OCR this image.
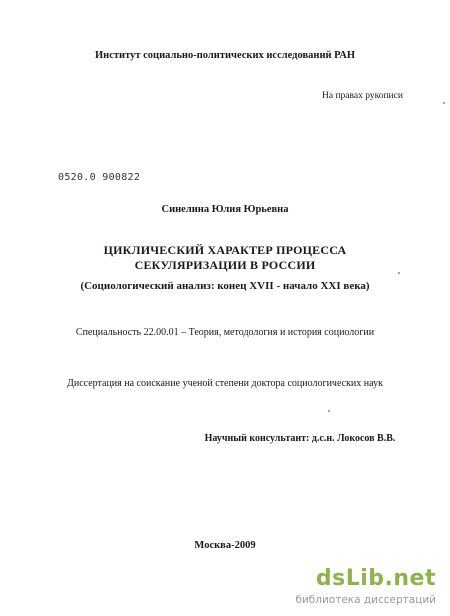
Институт социально-политических исследований РАН
На правах рукописи
0520.0 900822
Синелина Юлия Юрьевна
ЦИКЛИЧЕСКИЙ ХАРАКТЕР ПРОЦЕССА
СЕКУЛЯРИЗАЦИИ В РОССИИ
(Социологический анализ: конец XVII - начало XXI века)
Специальность 22.00.01 – Теория, методология и история социологии
Диссертация на соискание ученой степени доктора социологических наук
Научный консультант: д.с.н. Локосов В.В.
Москва-2009
dsLib.net
библиотека диссертаций
